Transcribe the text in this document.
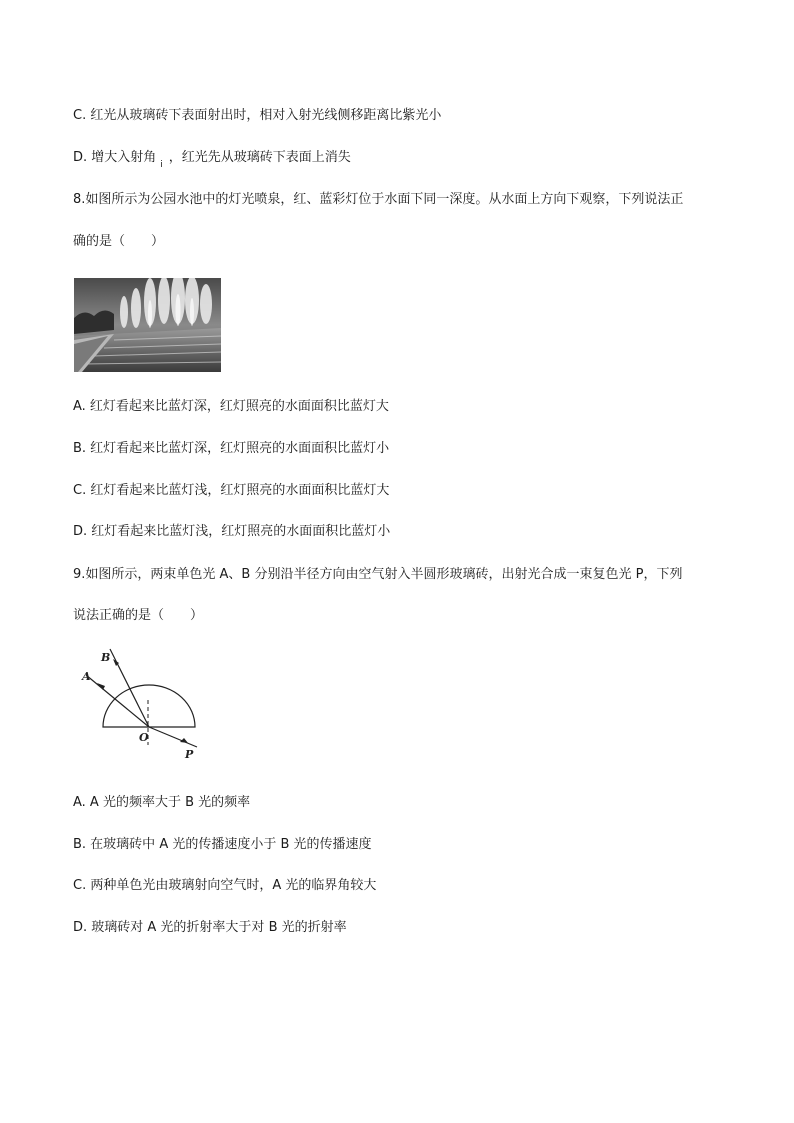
C. 红光从玻璃砖下表面射出时，相对入射光线侧移距离比紫光小
D. 增大入射角 $_i$ ，红光先从玻璃砖下表面上消失
8.如图所示为公园水池中的灯光喷泉，红、蓝彩灯位于水面下同一深度。从水面上方向下观察，下列说法正
确的是（　　）
A. 红灯看起来比蓝灯深，红灯照亮的水面面积比蓝灯大
B. 红灯看起来比蓝灯深，红灯照亮的水面面积比蓝灯小
C. 红灯看起来比蓝灯浅，红灯照亮的水面面积比蓝灯大
D. 红灯看起来比蓝灯浅，红灯照亮的水面面积比蓝灯小
9.如图所示，两束单色光 A、B 分别沿半径方向由空气射入半圆形玻璃砖，出射光合成一束复色光 P，下列
说法正确的是（　　）
B
A
O
P
A. A 光的频率大于 B 光的频率
B. 在玻璃砖中 A 光的传播速度小于 B 光的传播速度
C. 两种单色光由玻璃射向空气时，A 光的临界角较大
D. 玻璃砖对 A 光的折射率大于对 B 光的折射率
